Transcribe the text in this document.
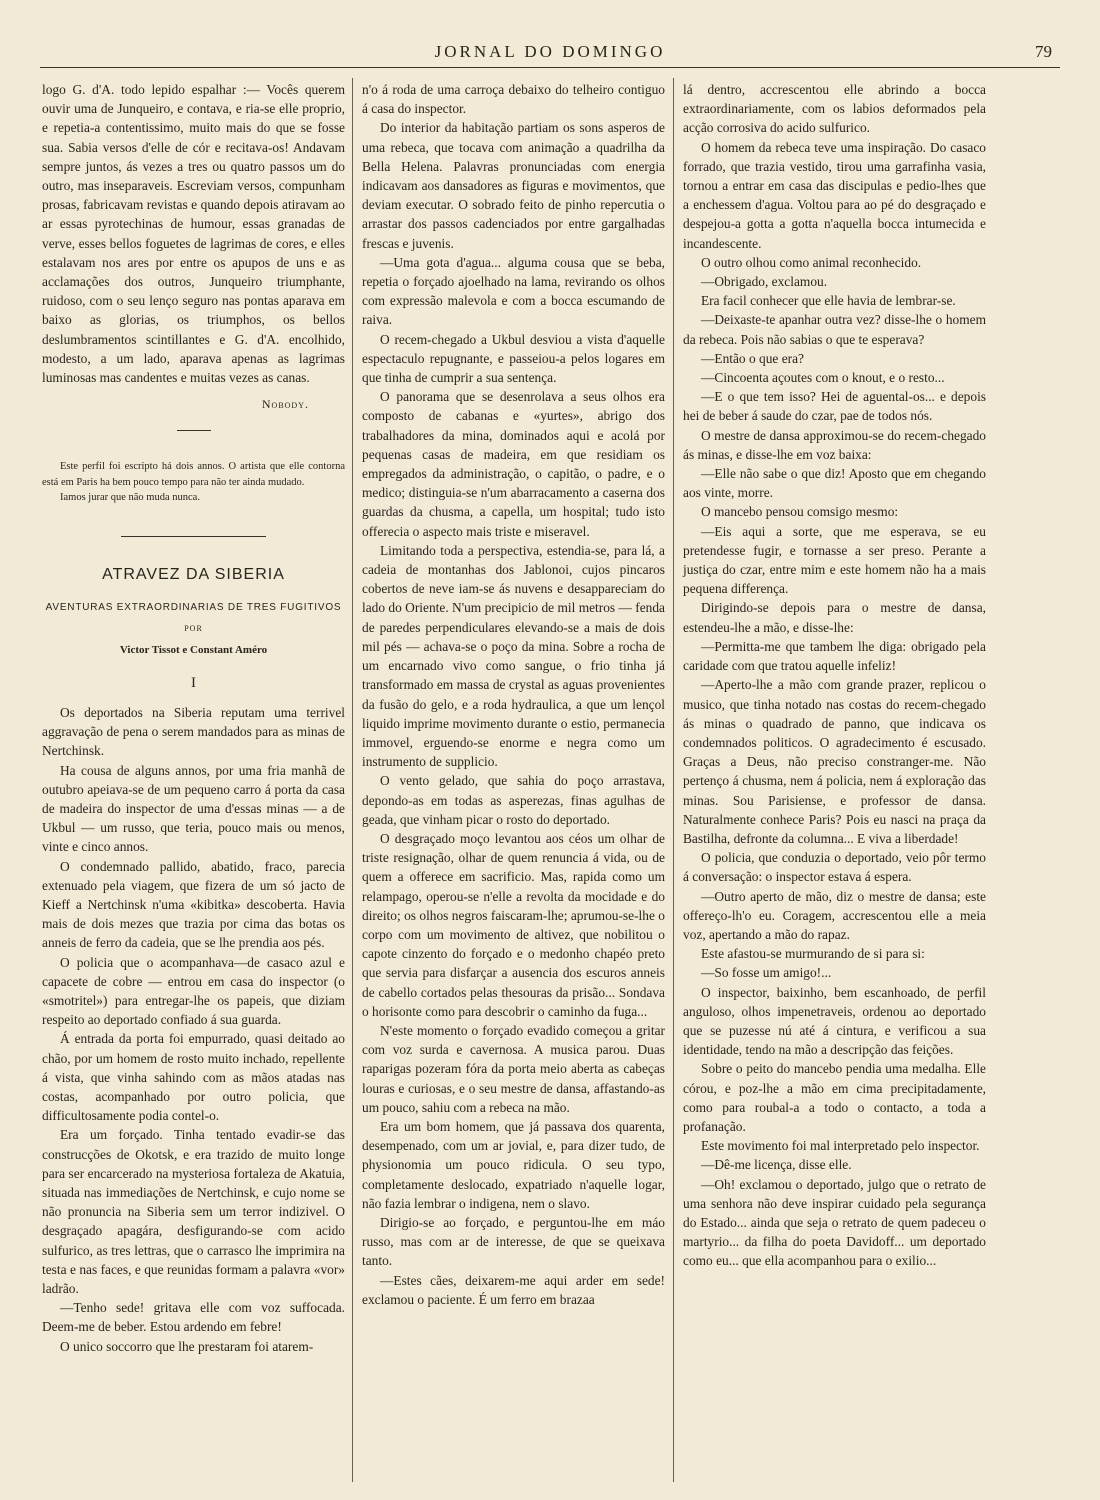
JORNAL DO DOMINGO	79

logo G. d'A. todo lepido espalhar :— Vocês querem ouvir uma de Junqueiro, e contava, e ria-se elle proprio, e repetia-a contentissimo, muito mais do que se fosse sua. Sabia versos d'elle de cór e recitava-os! Andavam sempre juntos, ás vezes a tres ou quatro passos um do outro, mas inseparaveis. Escreviam versos, compunham prosas, fabricavam revistas e quando depois atiravam ao ar essas pyrotechinas de humour, essas granadas de verve, esses bellos foguetes de lagrimas de cores, e elles estalavam nos ares por entre os apupos de uns e as acclamações dos outros, Junqueiro triumphante, ruidoso, com o seu lenço seguro nas pontas aparava em baixo as glorias, os triumphos, os bellos deslumbramentos scintillantes e G. d'A. encolhido, modesto, a um lado, aparava apenas as lagrimas luminosas mas candentes e muitas vezes as canas.

Nobody.

Este perfil foi escripto há dois annos. O artista que elle contorna está em Paris ha bem pouco tempo para não ter ainda mudado.

Iamos jurar que não muda nunca.

ATRAVEZ DA SIBERIA
AVENTURAS EXTRAORDINARIAS DE TRES FUGITIVOS
POR
Victor Tissot e Constant Améro
I

Os deportados na Siberia reputam uma terrivel aggravação de pena o serem mandados para as minas de Nertchinsk.

Ha cousa de alguns annos, por uma fria manhã de outubro apeiava-se de um pequeno carro á porta da casa de madeira do inspector de uma d'essas minas — a de Ukbul — um russo, que teria, pouco mais ou menos, vinte e cinco annos.

O condemnado pallido, abatido, fraco, parecia extenuado pela viagem, que fizera de um só jacto de Kieff a Nertchinsk n'uma «kibitka» descoberta. Havia mais de dois mezes que trazia por cima das botas os anneis de ferro da cadeia, que se lhe prendia aos pés.

O policia que o acompanhava—de casaco azul e capacete de cobre — entrou em casa do inspector (o «smotritel») para entregar-lhe os papeis, que diziam respeito ao deportado confiado á sua guarda.

Á entrada da porta foi empurrado, quasi deitado ao chão, por um homem de rosto muito inchado, repellente á vista, que vinha sahindo com as mãos atadas nas costas, acompanhado por outro policia, que difficultosamente podia contel-o.

Era um forçado. Tinha tentado evadir-se das construcções de Okotsk, e era trazido de muito longe para ser encarcerado na mysteriosa fortaleza de Akatuia, situada nas immediações de Nertchinsk, e cujo nome se não pronuncia na Siberia sem um terror indizivel. O desgraçado apagára, desfigurando-se com acido sulfurico, as tres lettras, que o carrasco lhe imprimira na testa e nas faces, e que reunidas formam a palavra «vor» ladrão.

—Tenho sede! gritava elle com voz suffocada. Deem-me de beber. Estou ardendo em febre!

O unico soccorro que lhe prestaram foi atarem-

n'o á roda de uma carroça debaixo do telheiro contiguo á casa do inspector.

Do interior da habitação partiam os sons asperos de uma rebeca, que tocava com animação a quadrilha da Bella Helena. Palavras pronunciadas com energia indicavam aos dansadores as figuras e movimentos, que deviam executar. O sobrado feito de pinho repercutia o arrastar dos passos cadenciados por entre gargalhadas frescas e juvenis.

—Uma gota d'agua... alguma cousa que se beba, repetia o forçado ajoelhado na lama, revirando os olhos com expressão malevola e com a bocca escumando de raiva.

O recem-chegado a Ukbul desviou a vista d'aquelle espectaculo repugnante, e passeiou-a pelos logares em que tinha de cumprir a sua sentença.

O panorama que se desenrolava a seus olhos era composto de cabanas e «yurtes», abrigo dos trabalhadores da mina, dominados aqui e acolá por pequenas casas de madeira, em que residiam os empregados da administração, o capitão, o padre, e o medico; distinguia-se n'um abarracamento a caserna dos guardas da chusma, a capella, um hospital; tudo isto offerecia o aspecto mais triste e miseravel.

Limitando toda a perspectiva, estendia-se, para lá, a cadeia de montanhas dos Jablonoi, cujos pincaros cobertos de neve iam-se ás nuvens e desappareciam do lado do Oriente. N'um precipicio de mil metros — fenda de paredes perpendiculares elevando-se a mais de dois mil pés — achava-se o poço da mina. Sobre a rocha de um encarnado vivo como sangue, o frio tinha já transformado em massa de crystal as aguas provenientes da fusão do gelo, e a roda hydraulica, a que um lençol liquido imprime movimento durante o estio, permanecia immovel, erguendo-se enorme e negra como um instrumento de supplicio.

O vento gelado, que sahia do poço arrastava, depondo-as em todas as asperezas, finas agulhas de geada, que vinham picar o rosto do deportado.

O desgraçado moço levantou aos céos um olhar de triste resignação, olhar de quem renuncia á vida, ou de quem a offerece em sacrificio. Mas, rapida como um relampago, operou-se n'elle a revolta da mocidade e do direito; os olhos negros faiscaram-lhe; aprumou-se-lhe o corpo com um movimento de altivez, que nobilitou o capote cinzento do forçado e o medonho chapéo preto que servia para disfarçar a ausencia dos escuros anneis de cabello cortados pelas thesouras da prisão... Sondava o horisonte como para descobrir o caminho da fuga...

N'este momento o forçado evadido começou a gritar com voz surda e cavernosa. A musica parou. Duas raparigas pozeram fóra da porta meio aberta as cabeças louras e curiosas, e o seu mestre de dansa, affastando-as um pouco, sahiu com a rebeca na mão.

Era um bom homem, que já passava dos quarenta, desempenado, com um ar jovial, e, para dizer tudo, de physionomia um pouco ridicula. O seu typo, completamente deslocado, expatriado n'aquelle logar, não fazia lembrar o indigena, nem o slavo.

Dirigio-se ao forçado, e perguntou-lhe em máo russo, mas com ar de interesse, de que se queixava tanto.

—Estes cães, deixarem-me aqui arder em sede! exclamou o paciente. É um ferro em brazaa

lá dentro, accrescentou elle abrindo a bocca extraordinariamente, com os labios deformados pela acção corrosiva do acido sulfurico.

O homem da rebeca teve uma inspiração. Do casaco forrado, que trazia vestido, tirou uma garrafinha vasia, tornou a entrar em casa das discipulas e pedio-lhes que a enchessem d'agua. Voltou para ao pé do desgraçado e despejou-a gotta a gotta n'aquella bocca intumecida e incandescente.

O outro olhou como animal reconhecido.

—Obrigado, exclamou.

Era facil conhecer que elle havia de lembrar-se.

—Deixaste-te apanhar outra vez? disse-lhe o homem da rebeca. Pois não sabias o que te esperava?

—Então o que era?

—Cincoenta açoutes com o knout, e o resto...

—E o que tem isso? Hei de aguental-os... e depois hei de beber á saude do czar, pae de todos nós.

O mestre de dansa approximou-se do recem-chegado ás minas, e disse-lhe em voz baixa:

—Elle não sabe o que diz! Aposto que em chegando aos vinte, morre.

O mancebo pensou comsigo mesmo:

—Eis aqui a sorte, que me esperava, se eu pretendesse fugir, e tornasse a ser preso. Perante a justiça do czar, entre mim e este homem não ha a mais pequena differença.

Dirigindo-se depois para o mestre de dansa, estendeu-lhe a mão, e disse-lhe:

—Permitta-me que tambem lhe diga: obrigado pela caridade com que tratou aquelle infeliz!

—Aperto-lhe a mão com grande prazer, replicou o musico, que tinha notado nas costas do recem-chegado ás minas o quadrado de panno, que indicava os condemnados politicos. O agradecimento é escusado. Graças a Deus, não preciso constranger-me. Não pertenço á chusma, nem á policia, nem á exploração das minas. Sou Parisiense, e professor de dansa. Naturalmente conhece Paris? Pois eu nasci na praça da Bastilha, defronte da columna... E viva a liberdade!

O policia, que conduzia o deportado, veio pôr termo á conversação: o inspector estava á espera.

—Outro aperto de mão, diz o mestre de dansa; este offereço-lh'o eu. Coragem, accrescentou elle a meia voz, apertando a mão do rapaz.

Este afastou-se murmurando de si para si:

—So fosse um amigo!...

O inspector, baixinho, bem escanhoado, de perfil anguloso, olhos impenetraveis, ordenou ao deportado que se puzesse nú até á cintura, e verificou a sua identidade, tendo na mão a descripção das feições.

Sobre o peito do mancebo pendia uma medalha. Elle córou, e poz-lhe a mão em cima precipitadamente, como para roubal-a a todo o contacto, a toda a profanação.

Este movimento foi mal interpretado pelo inspector.

—Dê-me licença, disse elle.

—Oh! exclamou o deportado, julgo que o retrato de uma senhora não deve inspirar cuidado pela segurança do Estado... ainda que seja o retrato de quem padeceu o martyrio... da filha do poeta Davidoff... um deportado como eu... que ella acompanhou para o exilio...
